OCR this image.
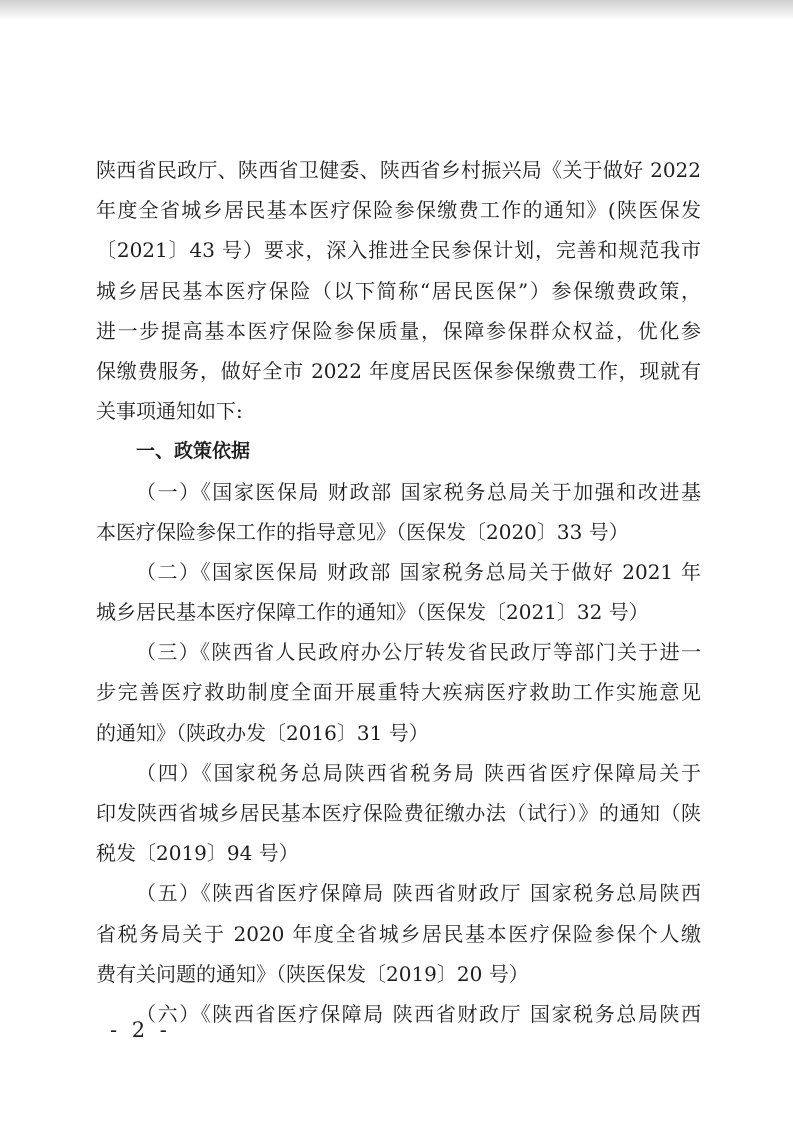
陕西省民政厅、陕西省卫健委、陕西省乡村振兴局《关于做好 2022
年度全省城乡居民基本医疗保险参保缴费工作的通知》(陕医保发
〔2021〕43 号）要求，深入推进全民参保计划，完善和规范我市
城乡居民基本医疗保险（以下简称“居民医保”）参保缴费政策，
进一步提高基本医疗保险参保质量，保障参保群众权益，优化参
保缴费服务，做好全市 2022 年度居民医保参保缴费工作，现就有
关事项通知如下:
一、政策依据
（一）《国家医保局 财政部 国家税务总局关于加强和改进基
本医疗保险参保工作的指导意见》（医保发〔2020〕33 号）
（二）《国家医保局 财政部 国家税务总局关于做好 2021 年
城乡居民基本医疗保障工作的通知》（医保发〔2021〕32 号）
（三）《陕西省人民政府办公厅转发省民政厅等部门关于进一
步完善医疗救助制度全面开展重特大疾病医疗救助工作实施意见
的通知》（陕政办发〔2016〕31 号）
（四）《国家税务总局陕西省税务局 陕西省医疗保障局关于
印发陕西省城乡居民基本医疗保险费征缴办法（试行）》的通知（陕
税发〔2019〕94 号）
（五）《陕西省医疗保障局 陕西省财政厅 国家税务总局陕西
省税务局关于 2020 年度全省城乡居民基本医疗保险参保个人缴
费有关问题的通知》（陕医保发〔2019〕20 号）
（六）《陕西省医疗保障局 陕西省财政厅 国家税务总局陕西
- 2 -
